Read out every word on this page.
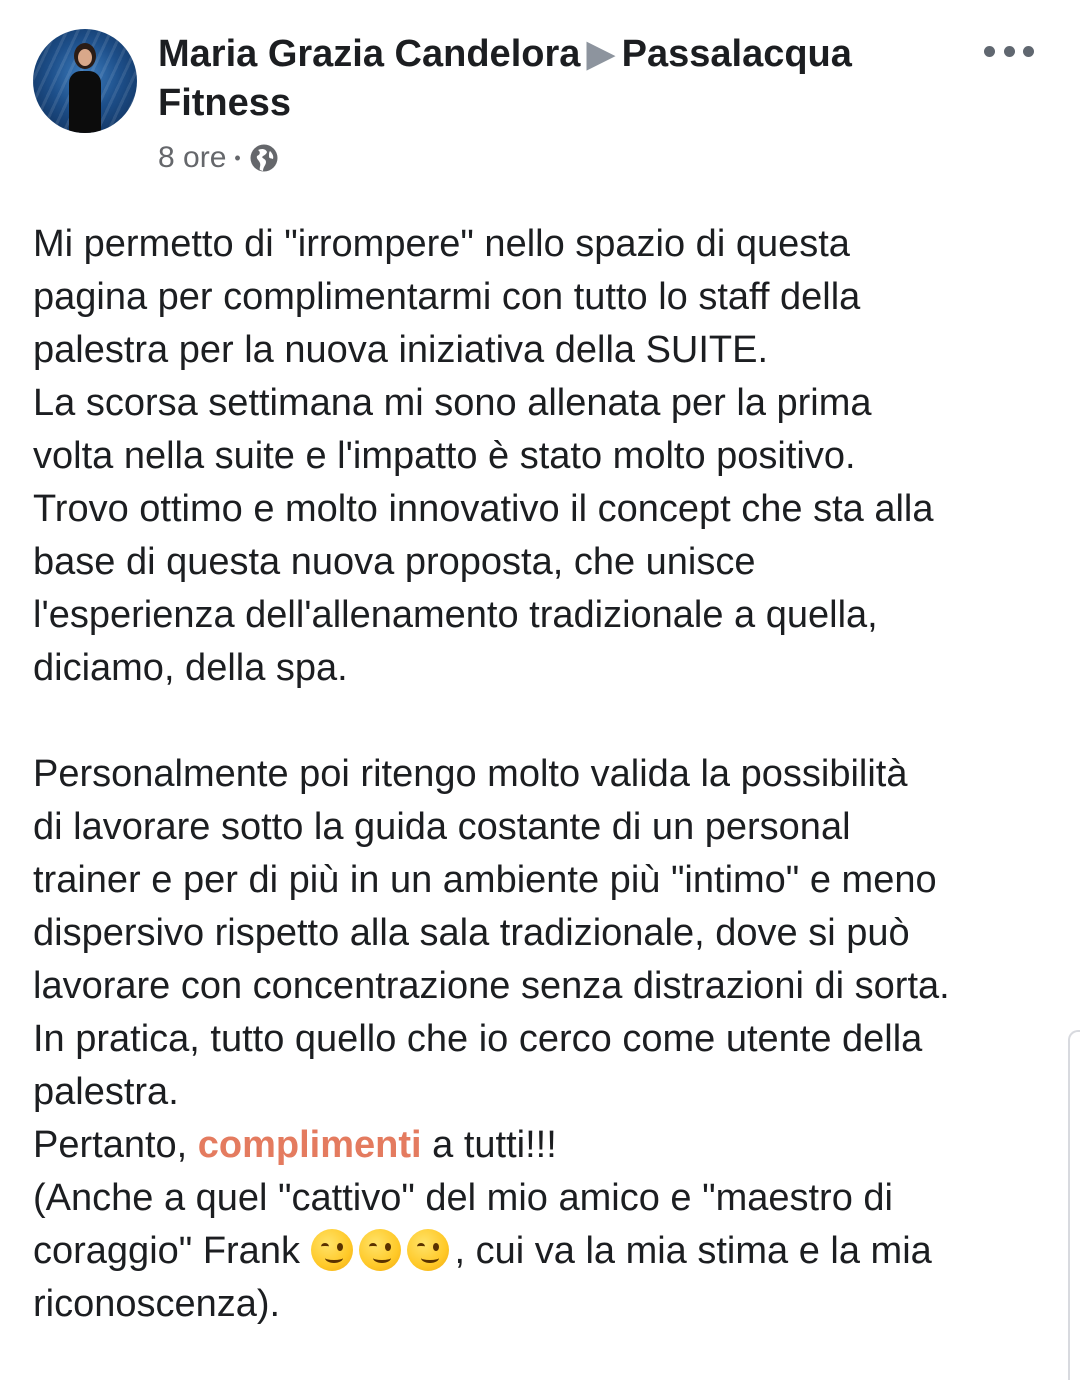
Maria Grazia Candelora ▶ Passalacqua Fitness
8 ore •

Mi permetto di "irrompere" nello spazio di questa
pagina per complimentarmi con tutto lo staff della
palestra per la nuova iniziativa della SUITE.
La scorsa settimana mi sono allenata per la prima
volta nella suite e l'impatto è stato molto positivo.
Trovo ottimo e molto innovativo il concept che sta alla
base di questa nuova proposta, che unisce
l'esperienza dell'allenamento tradizionale a quella,
diciamo, della spa.

Personalmente poi ritengo molto valida la possibilità
di lavorare sotto la guida costante di un personal
trainer e per di più in un ambiente più "intimo" e meno
dispersivo rispetto alla sala tradizionale, dove si può
lavorare con concentrazione senza distrazioni di sorta.
In pratica, tutto quello che io cerco come utente della
palestra.

Pertanto, complimenti a tutti!!!

(Anche a quel "cattivo" del mio amico e "maestro di

coraggio" Frank	, cui va la mia stima e la mia

riconoscenza).
